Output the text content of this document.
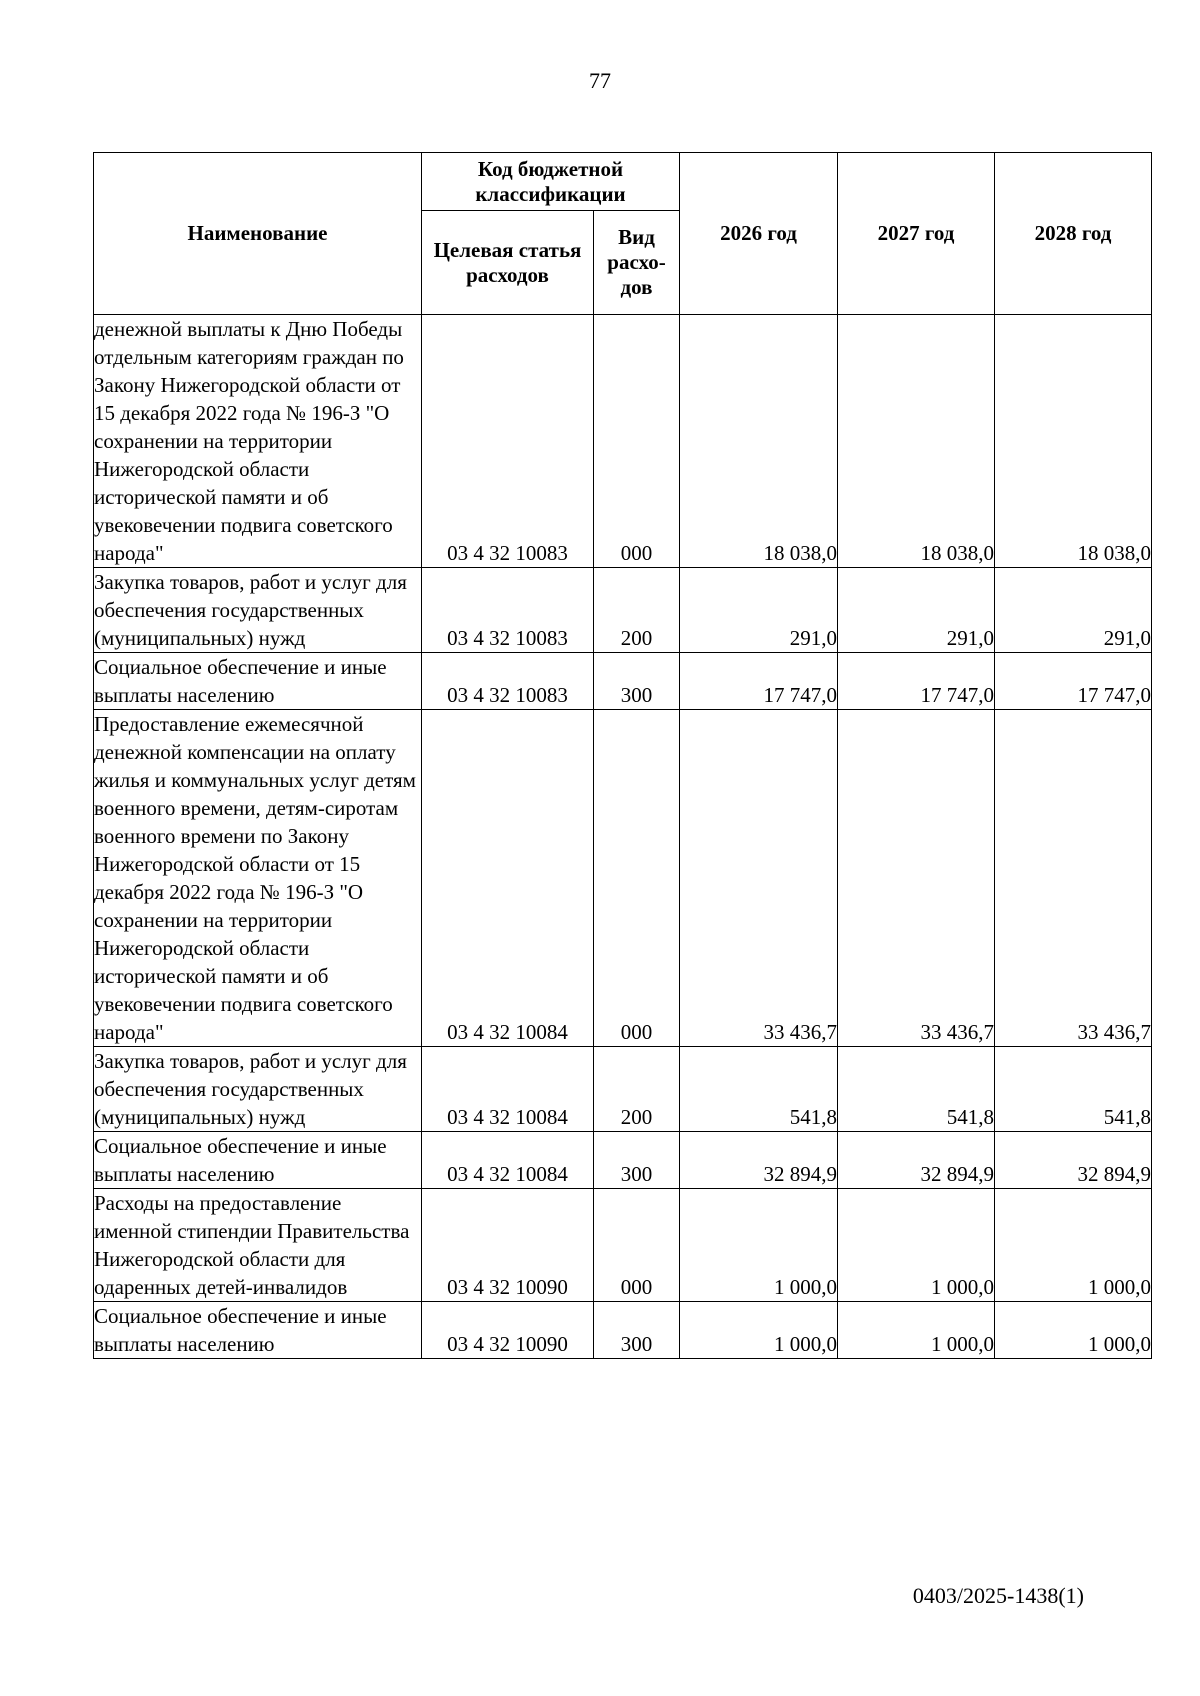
77
Наименование	Код бюджетной классификации		2026 год	2027 год	2028 год
	Целевая статья расходов	Вид расхо-дов			
денежной выплаты к Дню Победы отдельным категориям граждан по Закону Нижегородской области от 15 декабря 2022 года № 196-З "О сохранении на территории Нижегородской области исторической памяти и об увековечении подвига советского народа"	03 4 32 10083	000	18 038,0	18 038,0	18 038,0
Закупка товаров, работ и услуг для обеспечения государственных (муниципальных) нужд	03 4 32 10083	200	291,0	291,0	291,0
Социальное обеспечение и иные выплаты населению	03 4 32 10083	300	17 747,0	17 747,0	17 747,0
Предоставление ежемесячной денежной компенсации на оплату жилья и коммунальных услуг детям военного времени, детям-сиротам военного времени по Закону Нижегородской области от 15 декабря 2022 года № 196-З "О сохранении на территории Нижегородской области исторической памяти и об увековечении подвига советского народа"	03 4 32 10084	000	33 436,7	33 436,7	33 436,7
Закупка товаров, работ и услуг для обеспечения государственных (муниципальных) нужд	03 4 32 10084	200	541,8	541,8	541,8
Социальное обеспечение и иные выплаты населению	03 4 32 10084	300	32 894,9	32 894,9	32 894,9
Расходы на предоставление именной стипендии Правительства Нижегородской области для одаренных детей-инвалидов	03 4 32 10090	000	1 000,0	1 000,0	1 000,0
Социальное обеспечение и иные выплаты населению	03 4 32 10090	300	1 000,0	1 000,0	1 000,0
0403/2025-1438(1)
